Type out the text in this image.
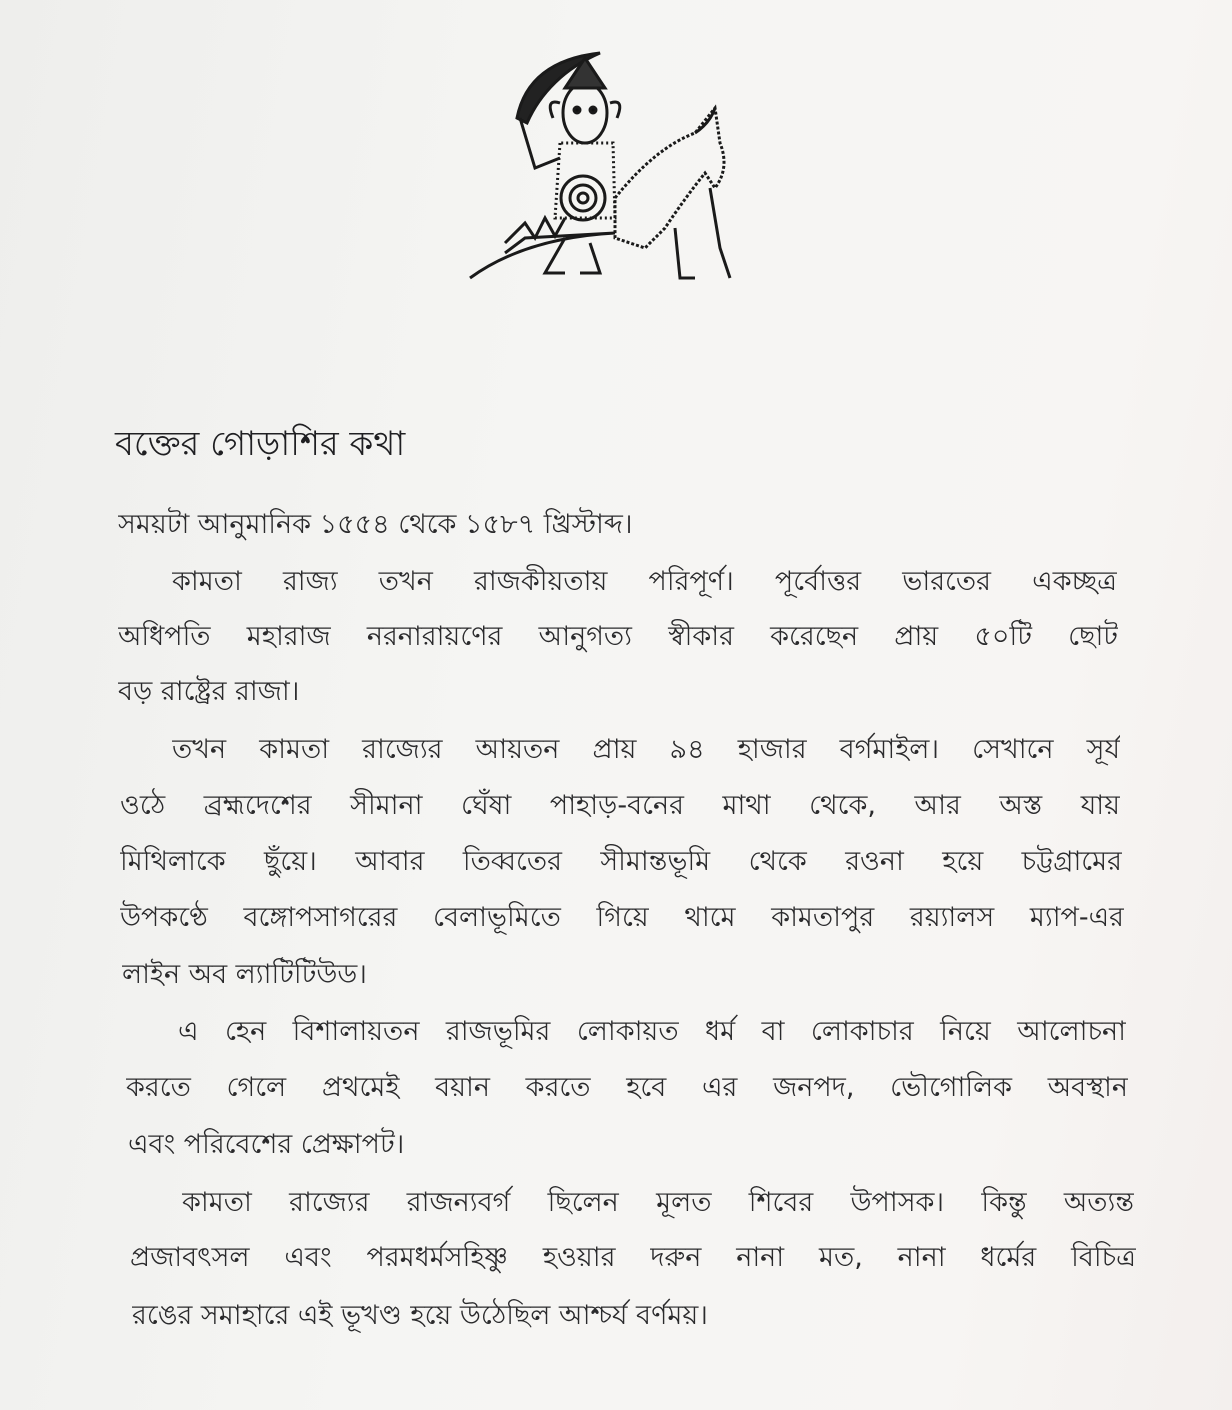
বক্তের গোড়াশির কথা
সময়টা আনুমানিক ১৫৫৪ থেকে ১৫৮৭ খ্রিস্টাব্দ।
কামতা রাজ্য তখন রাজকীয়তায় পরিপূর্ণ। পূর্বোত্তর ভারতের একচ্ছত্র
অধিপতি মহারাজ নরনারায়ণের আনুগত্য স্বীকার করেছেন প্রায় ৫০টি ছোট
বড় রাষ্ট্রের রাজা।
তখন কামতা রাজ্যের আয়তন প্রায় ৯৪ হাজার বর্গমাইল। সেখানে সূর্য
ওঠে ব্রহ্মদেশের সীমানা ঘেঁষা পাহাড়-বনের মাথা থেকে, আর অস্ত যায়
মিথিলাকে ছুঁয়ে। আবার তিব্বতের সীমান্তভূমি থেকে রওনা হয়ে চট্টগ্রামের
উপকণ্ঠে বঙ্গোপসাগরের বেলাভূমিতে গিয়ে থামে কামতাপুর রয়্যালস ম্যাপ-এর
লাইন অব ল্যাটিটিউড।
এ হেন বিশালায়তন রাজভূমির লোকায়ত ধর্ম বা লোকাচার নিয়ে আলোচনা
করতে গেলে প্রথমেই বয়ান করতে হবে এর জনপদ, ভৌগোলিক অবস্থান
এবং পরিবেশের প্রেক্ষাপট।
কামতা রাজ্যের রাজন্যবর্গ ছিলেন মূলত শিবের উপাসক। কিন্তু অত্যন্ত
প্রজাবৎসল এবং পরমধর্মসহিষ্ণু হওয়ার দরুন নানা মত, নানা ধর্মের বিচিত্র
রঙের সমাহারে এই ভূখণ্ড হয়ে উঠেছিল আশ্চর্য বর্ণময়।
